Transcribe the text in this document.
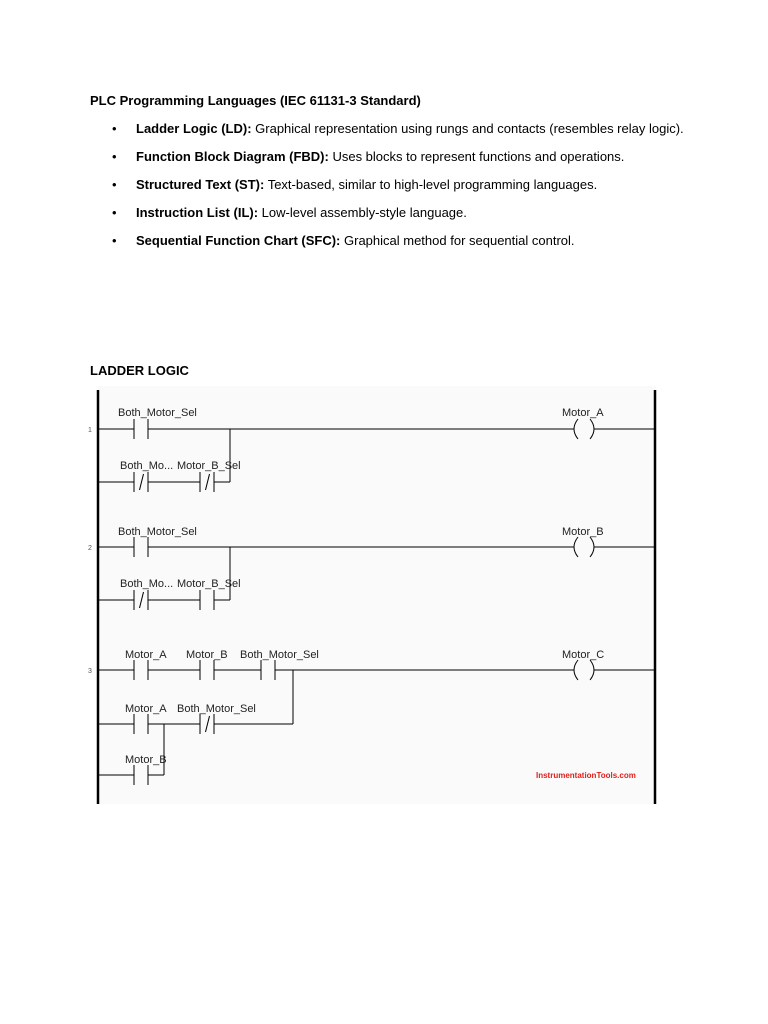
PLC Programming Languages (IEC 61131-3 Standard)
• Ladder Logic (LD): Graphical representation using rungs and contacts (resembles relay logic).
• Function Block Diagram (FBD): Uses blocks to represent functions and operations.
• Structured Text (ST): Text-based, similar to high-level programming languages.
• Instruction List (IL): Low-level assembly-style language.
• Sequential Function Chart (SFC): Graphical method for sequential control.
LADDER LOGIC
1
2
3
Both_Motor_Sel	Motor_A
Both_Mo... Motor_B_Sel
Both_Motor_Sel	Motor_B
Both_Mo... Motor_B_Sel
Motor_A Motor_B Both_Motor_Sel	Motor_C
Motor_A Both_Motor_Sel
Motor_B
InstrumentationTools.com
